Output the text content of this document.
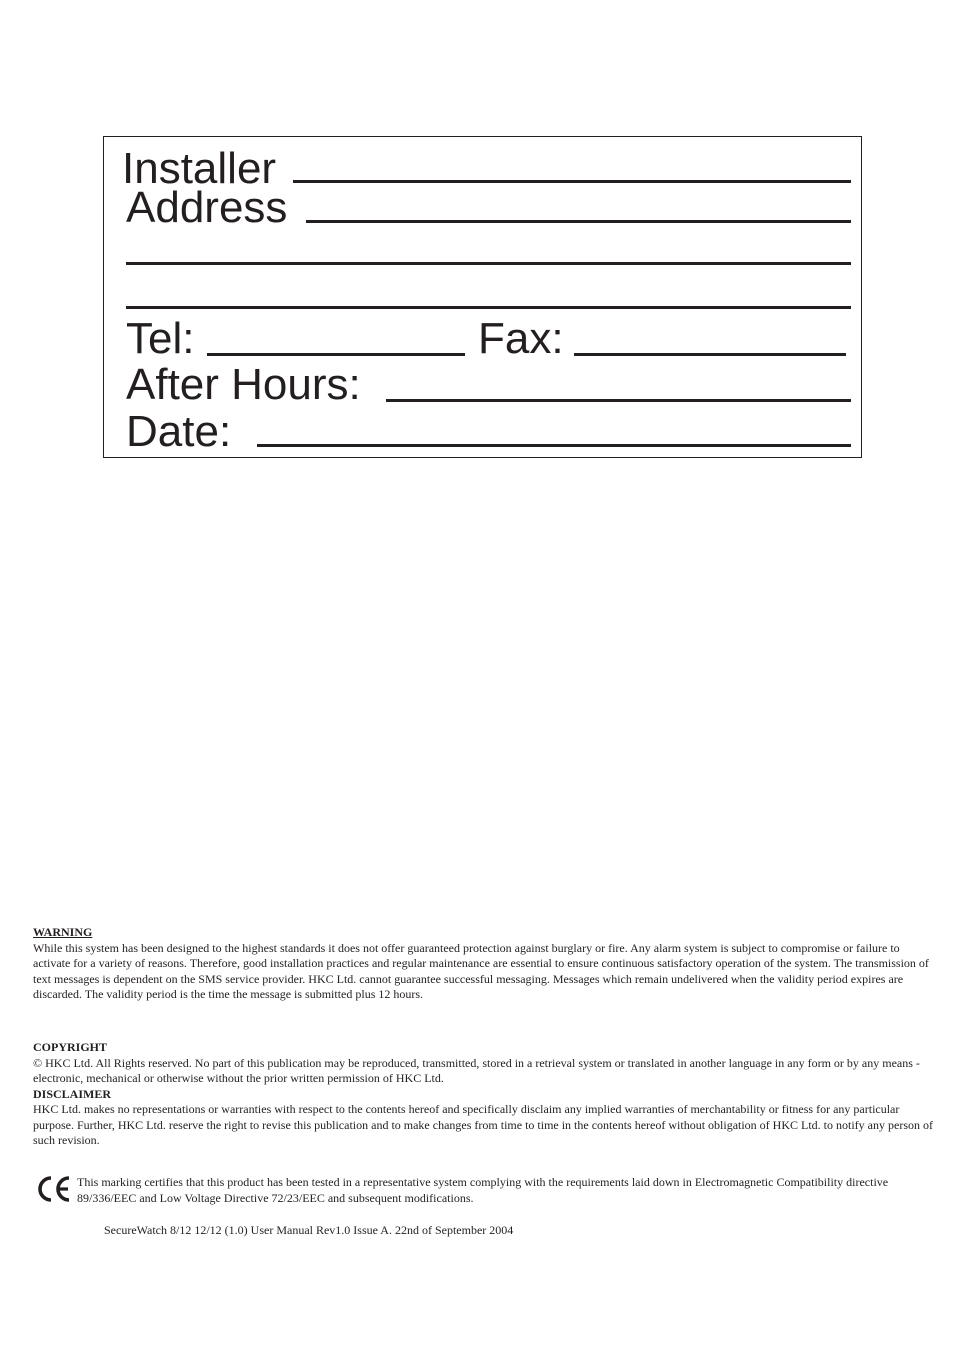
Installer
Address
Tel:	Fax:
After Hours:
Date:
WARNING

While this system has been designed to the highest standards it does not offer guaranteed protection against burglary or fire. Any alarm system is subject to compromise or failure to activate for a variety of reasons. Therefore, good installation practices and regular maintenance are essential to ensure continuous satisfactory operation of the system. The transmission of text messages is dependent on the SMS service provider. HKC Ltd. cannot guarantee successful messaging. Messages which remain undelivered when the validity period expires are discarded. The validity period is the time the message is submitted plus 12 hours.

COPYRIGHT

© HKC Ltd. All Rights reserved. No part of this publication may be reproduced, transmitted, stored in a retrieval system or translated in another language in any form or by any means - electronic, mechanical or otherwise without the prior written permission of HKC Ltd.

DISCLAIMER

HKC Ltd. makes no representations or warranties with respect to the contents hereof and specifically disclaim any implied warranties of merchantability or fitness for any particular purpose. Further, HKC Ltd. reserve the right to revise this publication and to make changes from time to time in the contents hereof without obligation of HKC Ltd. to notify any person of such revision.

This marking certifies that this product has been tested in a representative system complying with the requirements laid down in Electromagnetic Compatibility directive 89/336/EEC and Low Voltage Directive 72/23/EEC and subsequent modifications.
SecureWatch 8/12 12/12 (1.0) User Manual Rev1.0 Issue A. 22nd of September 2004
